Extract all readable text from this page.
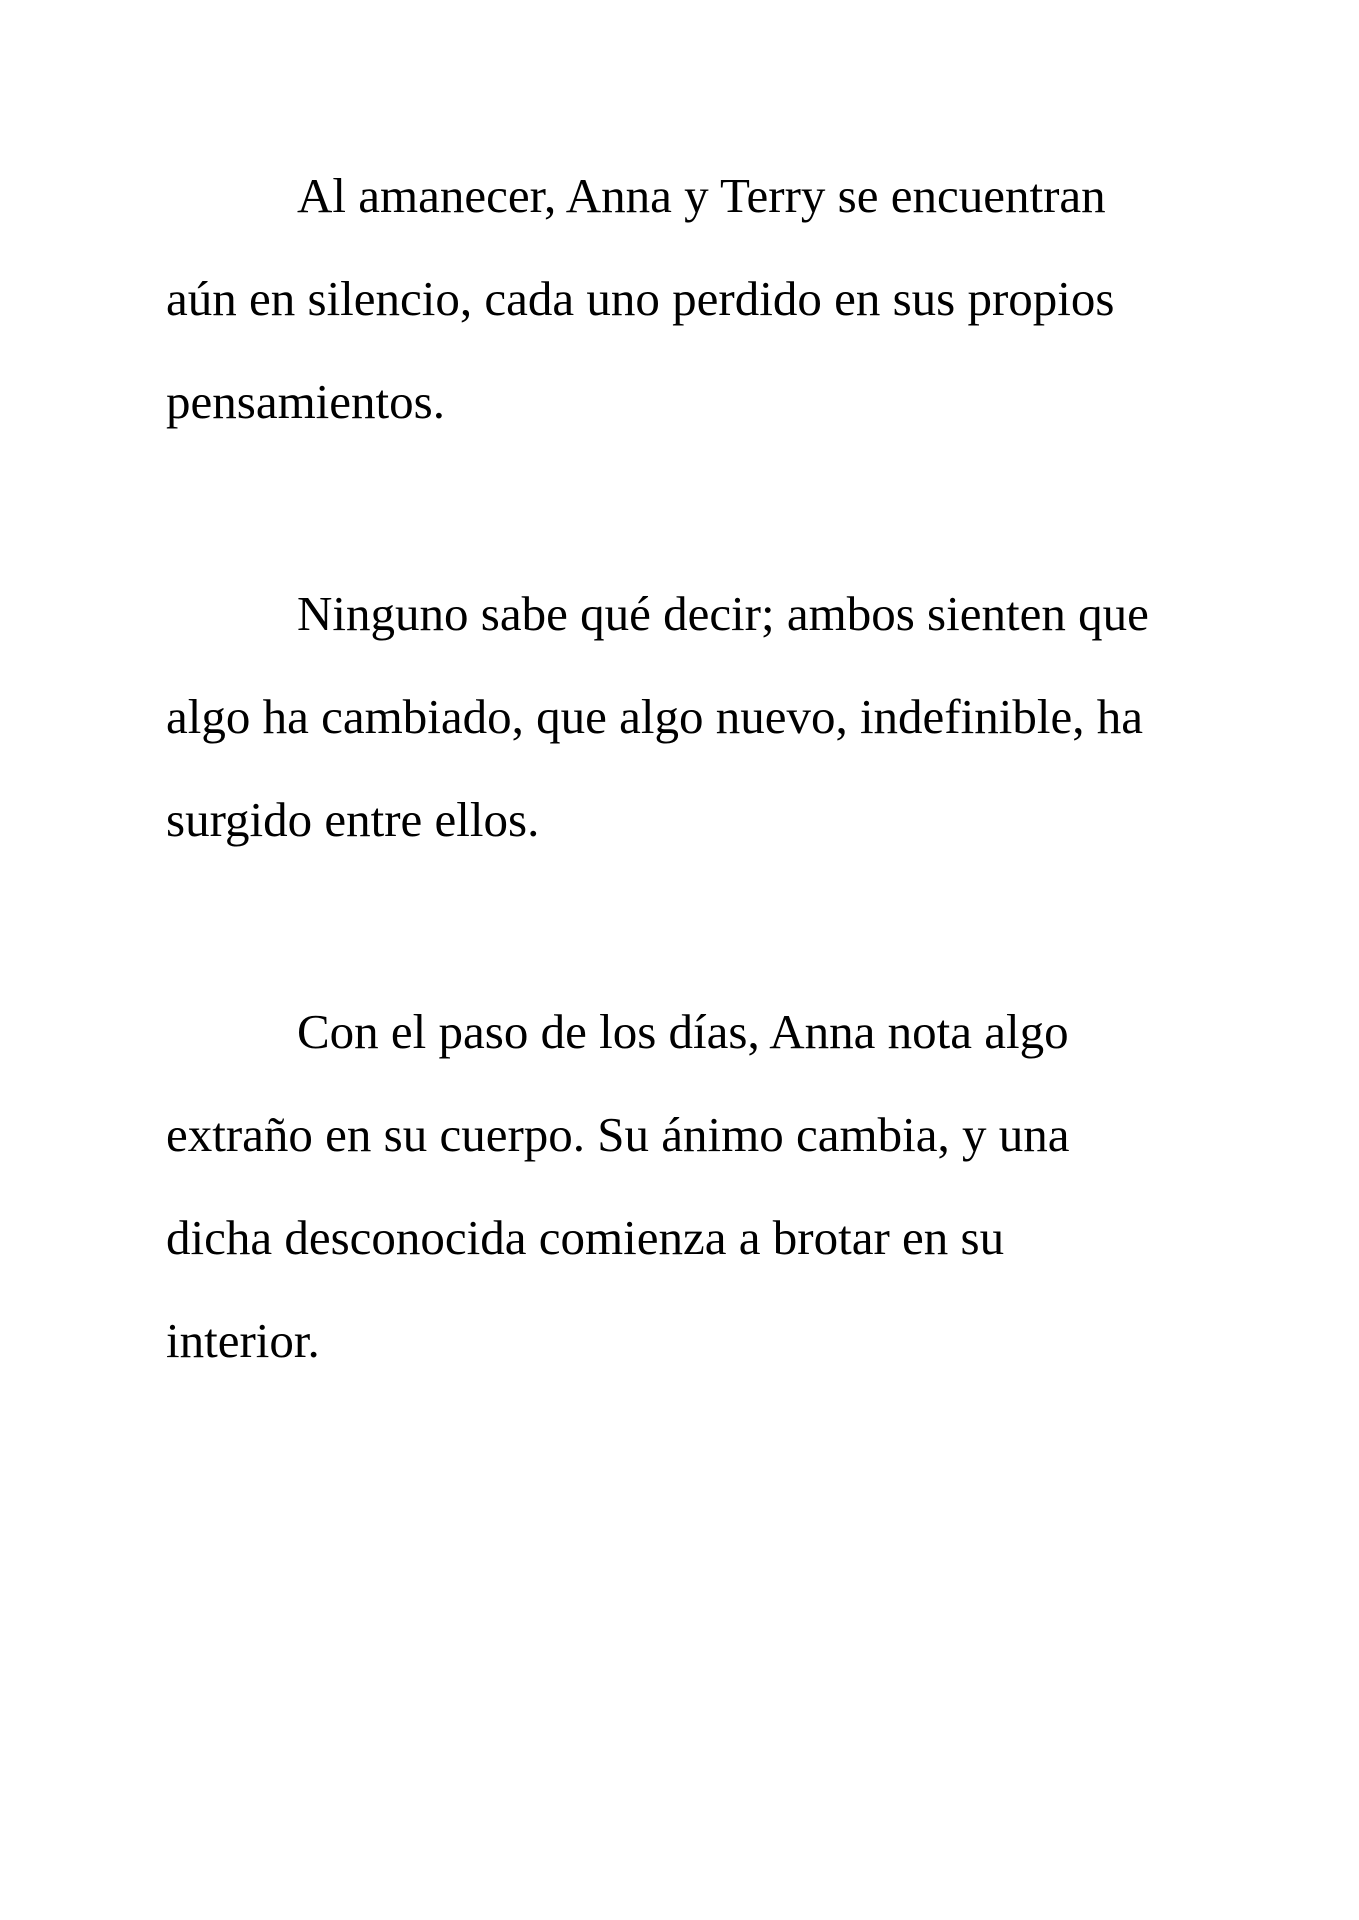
Al amanecer, Anna y Terry se encuentran
aún en silencio, cada uno perdido en sus propios
pensamientos.

Ninguno sabe qué decir; ambos sienten que
algo ha cambiado, que algo nuevo, indefinible, ha
surgido entre ellos.

Con el paso de los días, Anna nota algo
extraño en su cuerpo. Su ánimo cambia, y una
dicha desconocida comienza a brotar en su
interior.
